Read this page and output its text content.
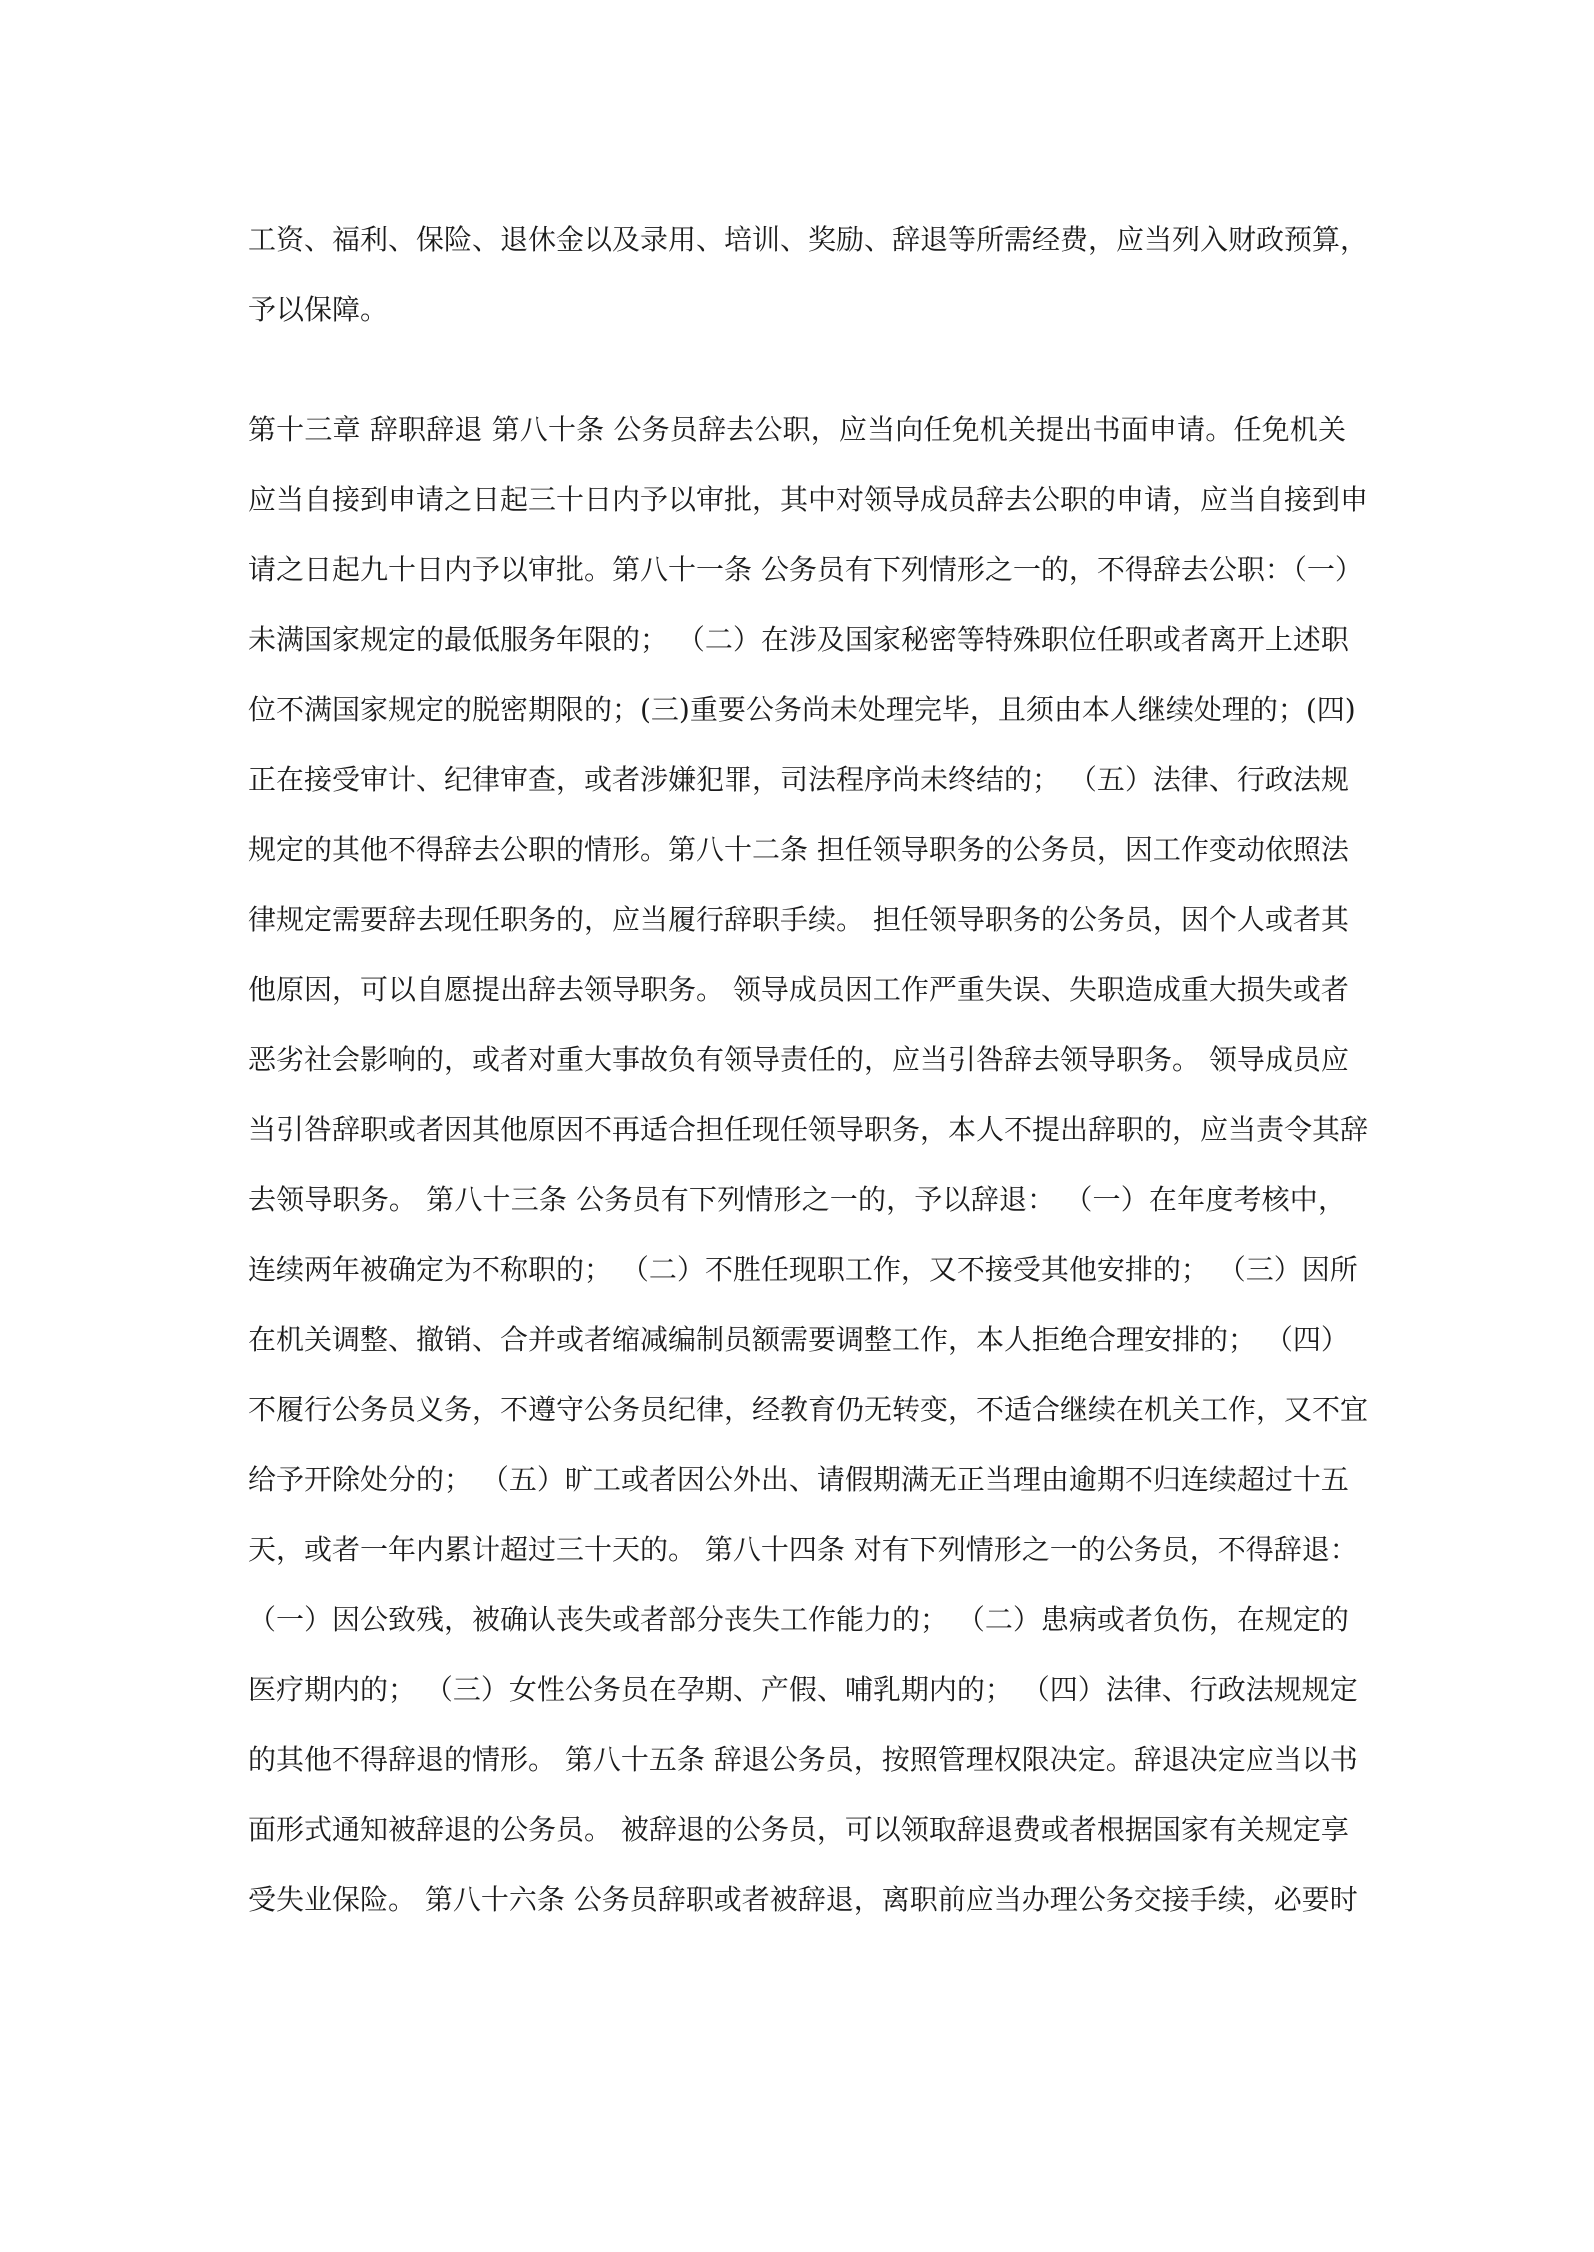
工资、福利、保险、退休金以及录用、培训、奖励、辞退等所需经费，应当列入财政预算，
予以保障。
第十三章 辞职辞退 第八十条 公务员辞去公职，应当向任免机关提出书面申请。任免机关
应当自接到申请之日起三十日内予以审批，其中对领导成员辞去公职的申请，应当自接到申
请之日起九十日内予以审批。第八十一条 公务员有下列情形之一的，不得辞去公职：（一）
未满国家规定的最低服务年限的； （二）在涉及国家秘密等特殊职位任职或者离开上述职
位不满国家规定的脱密期限的；(三)重要公务尚未处理完毕，且须由本人继续处理的；(四)
正在接受审计、纪律审查，或者涉嫌犯罪，司法程序尚未终结的； （五）法律、行政法规
规定的其他不得辞去公职的情形。第八十二条 担任领导职务的公务员，因工作变动依照法
律规定需要辞去现任职务的，应当履行辞职手续。 担任领导职务的公务员，因个人或者其
他原因，可以自愿提出辞去领导职务。 领导成员因工作严重失误、失职造成重大损失或者
恶劣社会影响的，或者对重大事故负有领导责任的，应当引咎辞去领导职务。 领导成员应
当引咎辞职或者因其他原因不再适合担任现任领导职务，本人不提出辞职的，应当责令其辞
去领导职务。 第八十三条 公务员有下列情形之一的，予以辞退： （一）在年度考核中，
连续两年被确定为不称职的； （二）不胜任现职工作，又不接受其他安排的； （三）因所
在机关调整、撤销、合并或者缩减编制员额需要调整工作，本人拒绝合理安排的； （四）
不履行公务员义务，不遵守公务员纪律，经教育仍无转变，不适合继续在机关工作，又不宜
给予开除处分的； （五）旷工或者因公外出、请假期满无正当理由逾期不归连续超过十五
天，或者一年内累计超过三十天的。 第八十四条 对有下列情形之一的公务员，不得辞退：
（一）因公致残，被确认丧失或者部分丧失工作能力的； （二）患病或者负伤，在规定的
医疗期内的； （三）女性公务员在孕期、产假、哺乳期内的； （四）法律、行政法规规定
的其他不得辞退的情形。 第八十五条 辞退公务员，按照管理权限决定。辞退决定应当以书
面形式通知被辞退的公务员。 被辞退的公务员，可以领取辞退费或者根据国家有关规定享
受失业保险。 第八十六条 公务员辞职或者被辞退，离职前应当办理公务交接手续，必要时
